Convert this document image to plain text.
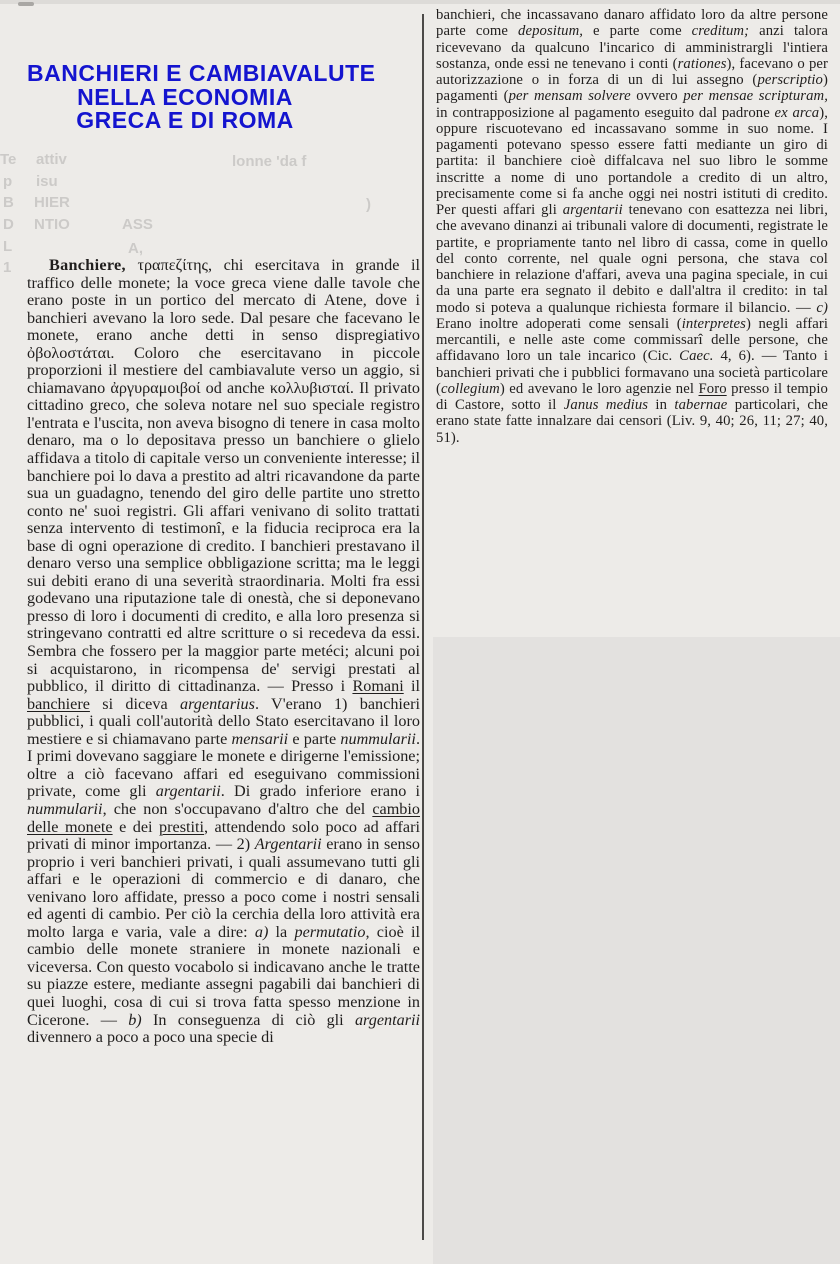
BANCHIERI E CAMBIAVALUTE
NELLA ECONOMIA
GRECA E DI ROMA
Te attiv	lonne 'da f
p isu
B HIER	)
D NTIO	ASS
L	A,
1	Banchiere, τραπεζίτης, chi esercitava in grande il traffico delle monete; la voce greca viene dalle tavole che erano poste in un portico del mercato di Atene, dove i banchieri avevano la loro sede. Dal pesare che facevano le monete, erano anche detti in senso dispregiativo ὀβολοστάται. Coloro che esercitavano in piccole proporzioni il mestiere del cambiavalute verso un aggio, si chiamavano ἀργυραμοιβοί od anche κολλυβισταί. Il privato cittadino greco, che soleva notare nel suo speciale registro l'entrata e l'uscita, non aveva bisogno di tenere in casa molto denaro, ma o lo depositava presso un banchiere o glielo affidava a titolo di capitale verso un conveniente interesse; il banchiere poi lo dava a prestito ad altri ricavandone da parte sua un guadagno, tenendo del giro delle partite uno stretto conto ne' suoi registri. Gli affari venivano di solito trattati senza intervento di testimonî, e la fiducia reciproca era la base di ogni operazione di credito. I banchieri prestavano il denaro verso una semplice obbligazione scritta; ma le leggi sui debiti erano di una severità straordinaria. Molti fra essi godevano una riputazione tale di onestà, che si deponevano presso di loro i documenti di credito, e alla loro presenza si stringevano contratti ed altre scritture o si recedeva da essi. Sembra che fossero per la maggior parte metéci; alcuni poi si acquistarono, in ricompensa de' servigi prestati al pubblico, il diritto di cittadinanza. — Presso i Romani il banchiere si diceva argentarius. V'erano 1) banchieri pubblici, i quali coll'autorità dello Stato esercitavano il loro mestiere e si chiamavano parte mensarii e parte nummularii. I primi dovevano saggiare le monete e dirigerne l'emissione; oltre a ciò facevano affari ed eseguivano commissioni private, come gli argentarii. Di grado inferiore erano i nummularii, che non s'occupavano d'altro che del cambio delle monete e dei prestiti, attendendo solo poco ad affari privati di minor importanza. — 2) Argentarii erano in senso proprio i veri banchieri privati, i quali assumevano tutti gli affari e le operazioni di commercio e di danaro, che venivano loro affidate, presso a poco come i nostri sensali ed agenti di cambio. Per ciò la cerchia della loro attività era molto larga e varia, vale a dire: a) la permutatio, cioè il cambio delle monete straniere in monete nazionali e viceversa. Con questo vocabolo si indicavano anche le tratte su piazze estere, mediante assegni pagabili dai banchieri di quei luoghi, cosa di cui si trova fatta spesso menzione in Cicerone. — b) In conseguenza di ciò gli argentarii divennero a poco a poco una specie di

banchieri, che incassavano danaro affidato loro da altre persone parte come depositum, e parte come creditum; anzi talora ricevevano da qualcuno l'incarico di amministrargli l'intiera sostanza, onde essi ne tenevano i conti (rationes), facevano o per autorizzazione o in forza di un di lui assegno (perscriptio) pagamenti (per mensam solvere ovvero per mensae scripturam, in contrapposizione al pagamento eseguito dal padrone ex arca), oppure riscuotevano ed incassavano somme in suo nome. I pagamenti potevano spesso essere fatti mediante un giro di partita: il banchiere cioè diffalcava nel suo libro le somme inscritte a nome di uno portandole a credito di un altro, precisamente come si fa anche oggi nei nostri istituti di credito. Per questi affari gli argentarii tenevano con esattezza nei libri, che avevano dinanzi ai tribunali valore di documenti, registrate le partite, e propriamente tanto nel libro di cassa, come in quello del conto corrente, nel quale ogni persona, che stava col banchiere in relazione d'affari, aveva una pagina speciale, in cui da una parte era segnato il debito e dall'altra il credito: in tal modo si poteva a qualunque richiesta formare il bilancio. — c) Erano inoltre adoperati come sensali (interpretes) negli affari mercantili, e nelle aste come commissarî delle persone, che affidavano loro un tale incarico (Cic. Caec. 4, 6). — Tanto i banchieri privati che i pubblici formavano una società particolare (collegium) ed avevano le loro agenzie nel Foro presso il tempio di Castore, sotto il Janus medius in tabernae particolari, che erano state fatte innalzare dai censori (Liv. 9, 40; 26, 11; 27; 40, 51).
